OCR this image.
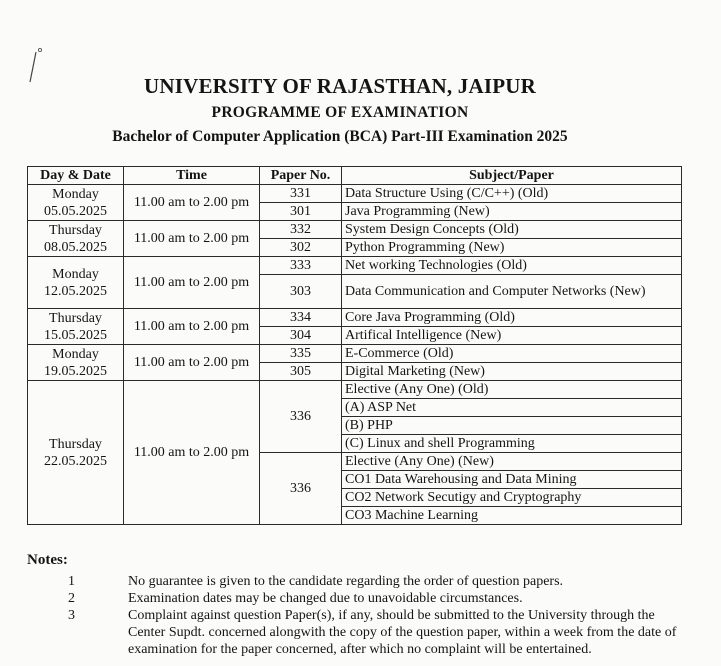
UNIVERSITY OF RAJASTHAN, JAIPUR
PROGRAMME OF EXAMINATION
Bachelor of Computer Application (BCA) Part-III Examination 2025
Day & Date	Time	Paper No.	Subject/Paper

Monday
05.05.2025	11.00 am to 2.00 pm	331	Data Structure Using (C/C++) (Old)
		301	Java Programming (New)

Thursday
08.05.2025	11.00 am to 2.00 pm	332	System Design Concepts (Old)
		302	Python Programming (New)

Monday
12.05.2025	11.00 am to 2.00 pm	333	Net working Technologies (Old)
		303	Data Communication and Computer Networks (New)

Thursday
15.05.2025	11.00 am to 2.00 pm	334	Core Java Programming (Old)
		304	Artifical Intelligence (New)

Monday
19.05.2025	11.00 am to 2.00 pm	335	E-Commerce (Old)
		305	Digital Marketing (New)

Thursday
22.05.2025	11.00 am to 2.00 pm	336	Elective (Any One) (Old)
			(A) ASP Net
			(B) PHP
			(C) Linux and shell Programming
		336	Elective (Any One) (New)
			CO1 Data Warehousing and Data Mining
			CO2 Network Secutigy and Cryptography
			CO3 Machine Learning
Notes:
1	No guarantee is given to the candidate regarding the order of question papers.
2	Examination dates may be changed due to unavoidable circumstances.
3	Complaint against question Paper(s), if any, should be submitted to the University through the Center Supdt. concerned alongwith the copy of the question paper, within a week from the date of examination for the paper concerned, after which no complaint will be entertained.
